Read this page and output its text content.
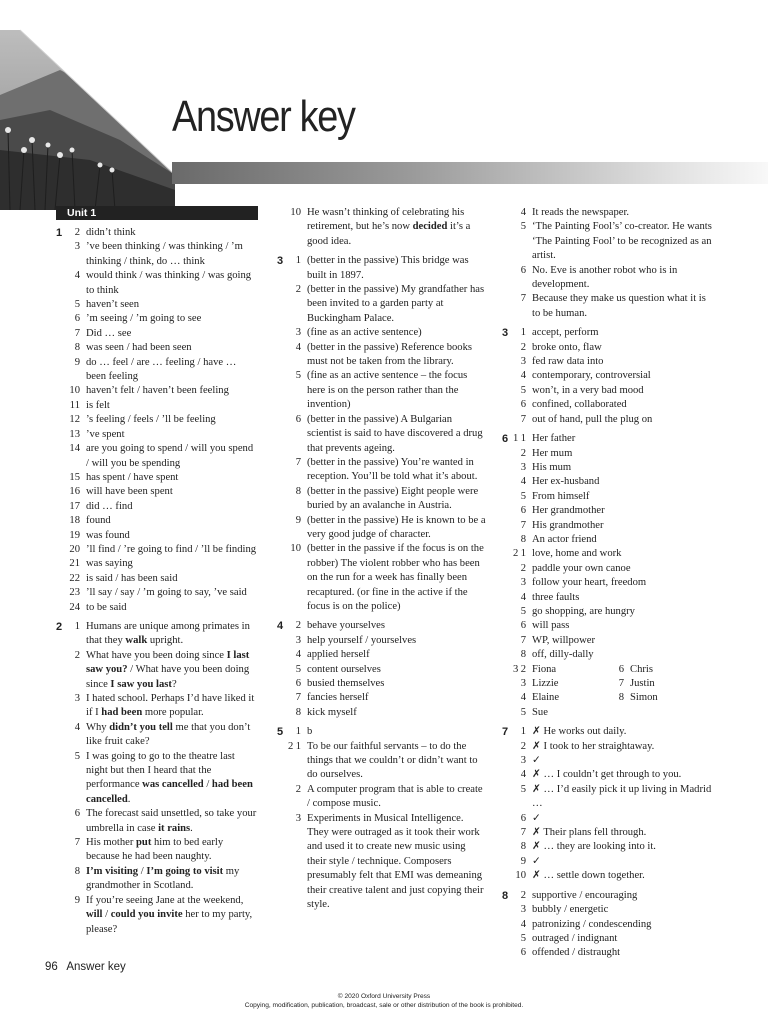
Answer key
Unit 1
1	2 didn’t think
3 ’ve been thinking / was thinking / ’m thinking / think, do … think
4 would think / was thinking / was going to think
5 haven’t seen
6 ’m seeing / ’m going to see
7 Did … see
8 was seen / had been seen
9 do … feel / are … feeling / have … been feeling
10 haven’t felt / haven’t been feeling
11 is felt
12 ’s feeling / feels / ’ll be feeling
13 ’ve spent
14 are you going to spend / will you spend / will you be spending
15 has spent / have spent
16 will have been spent
17 did … find
18 found
19 was found
20 ’ll find / ’re going to find / ’ll be finding
21 was saying
22 is said / has been said
23 ’ll say / say / ’m going to say, ’ve said
24 to be said
2	1 Humans are unique among primates in that they walk upright.
2 What have you been doing since I last saw you? / What have you been doing since I saw you last?
3 I hated school. Perhaps I’d have liked it if I had been more popular.
4 Why didn’t you tell me that you don’t like fruit cake?
5 I was going to go to the theatre last night but then I heard that the performance was cancelled / had been cancelled.
6 The forecast said unsettled, so take your umbrella in case it rains.
7 His mother put him to bed early because he had been naughty.
8 I’m visiting / I’m going to visit my grandmother in Scotland.
9 If you’re seeing Jane at the weekend, will / could you invite her to my party, please?
10 He wasn’t thinking of celebrating his retirement, but he’s now decided it’s a good idea.
3	1 (better in the passive) This bridge was built in 1897.
2 (better in the passive) My grandfather has been invited to a garden party at Buckingham Palace.
3 (fine as an active sentence)
4 (better in the passive) Reference books must not be taken from the library.
5 (fine as an active sentence – the focus here is on the person rather than the invention)
6 (better in the passive) A Bulgarian scientist is said to have discovered a drug that prevents ageing.
7 (better in the passive) You’re wanted in reception. You’ll be told what it’s about.
8 (better in the passive) Eight people were buried by an avalanche in Austria.
9 (better in the passive) He is known to be a very good judge of character.
10 (better in the passive if the focus is on the robber) The violent robber who has been on the run for a week has finally been recaptured. (or fine in the active if the focus is on the police)
4	2 behave yourselves
3 help yourself / yourselves
4 applied herself
5 content ourselves
6 busied themselves
7 fancies herself
8 kick myself
5	1 b
2 1 To be our faithful servants – to do the things that we couldn’t or didn’t want to do ourselves.
2 A computer program that is able to create / compose music.
3 Experiments in Musical Intelligence. They were outraged as it took their work and used it to create new music using their style / technique. Composers presumably felt that EMI was demeaning their creative talent and just copying their style.
4 It reads the newspaper.
5 ‘The Painting Fool’s’ co-creator. He wants ‘The Painting Fool’ to be recognized as an artist.
6 No. Eve is another robot who is in development.
7 Because they make us question what it is to be human.
3	1 accept, perform
2 broke onto, flaw
3 fed raw data into
4 contemporary, controversial
5 won’t, in a very bad mood
6 confined, collaborated
7 out of hand, pull the plug on
6 1 1 Her father
2 Her mum
3 His mum
4 Her ex-husband
5 From himself
6 Her grandmother
7 His grandmother
8 An actor friend
2 1 love, home and work
2 paddle your own canoe
3 follow your heart, freedom
4 three faults
5 go shopping, are hungry
6 will pass
7 WP, willpower
8 off, dilly-dally
3 2 Fiona	6 Chris
3 Lizzie	7 Justin
4 Elaine	8 Simon
5 Sue
7	1 ✗ He works out daily.
2 ✗ I took to her straightaway.
3 ✓
4 ✗ … I couldn’t get through to you.
5 ✗ … I’d easily pick it up living in Madrid …
6 ✓
7 ✗ Their plans fell through.
8 ✗ … they are looking into it.
9 ✓
10 ✗ … settle down together.
8	2 supportive / encouraging
3 bubbly / energetic
4 patronizing / condescending
5 outraged / indignant
6 offended / distraught
96 Answer key
© 2020 Oxford University Press
Copying, modification, publication, broadcast, sale or other distribution of the book is prohibited.
